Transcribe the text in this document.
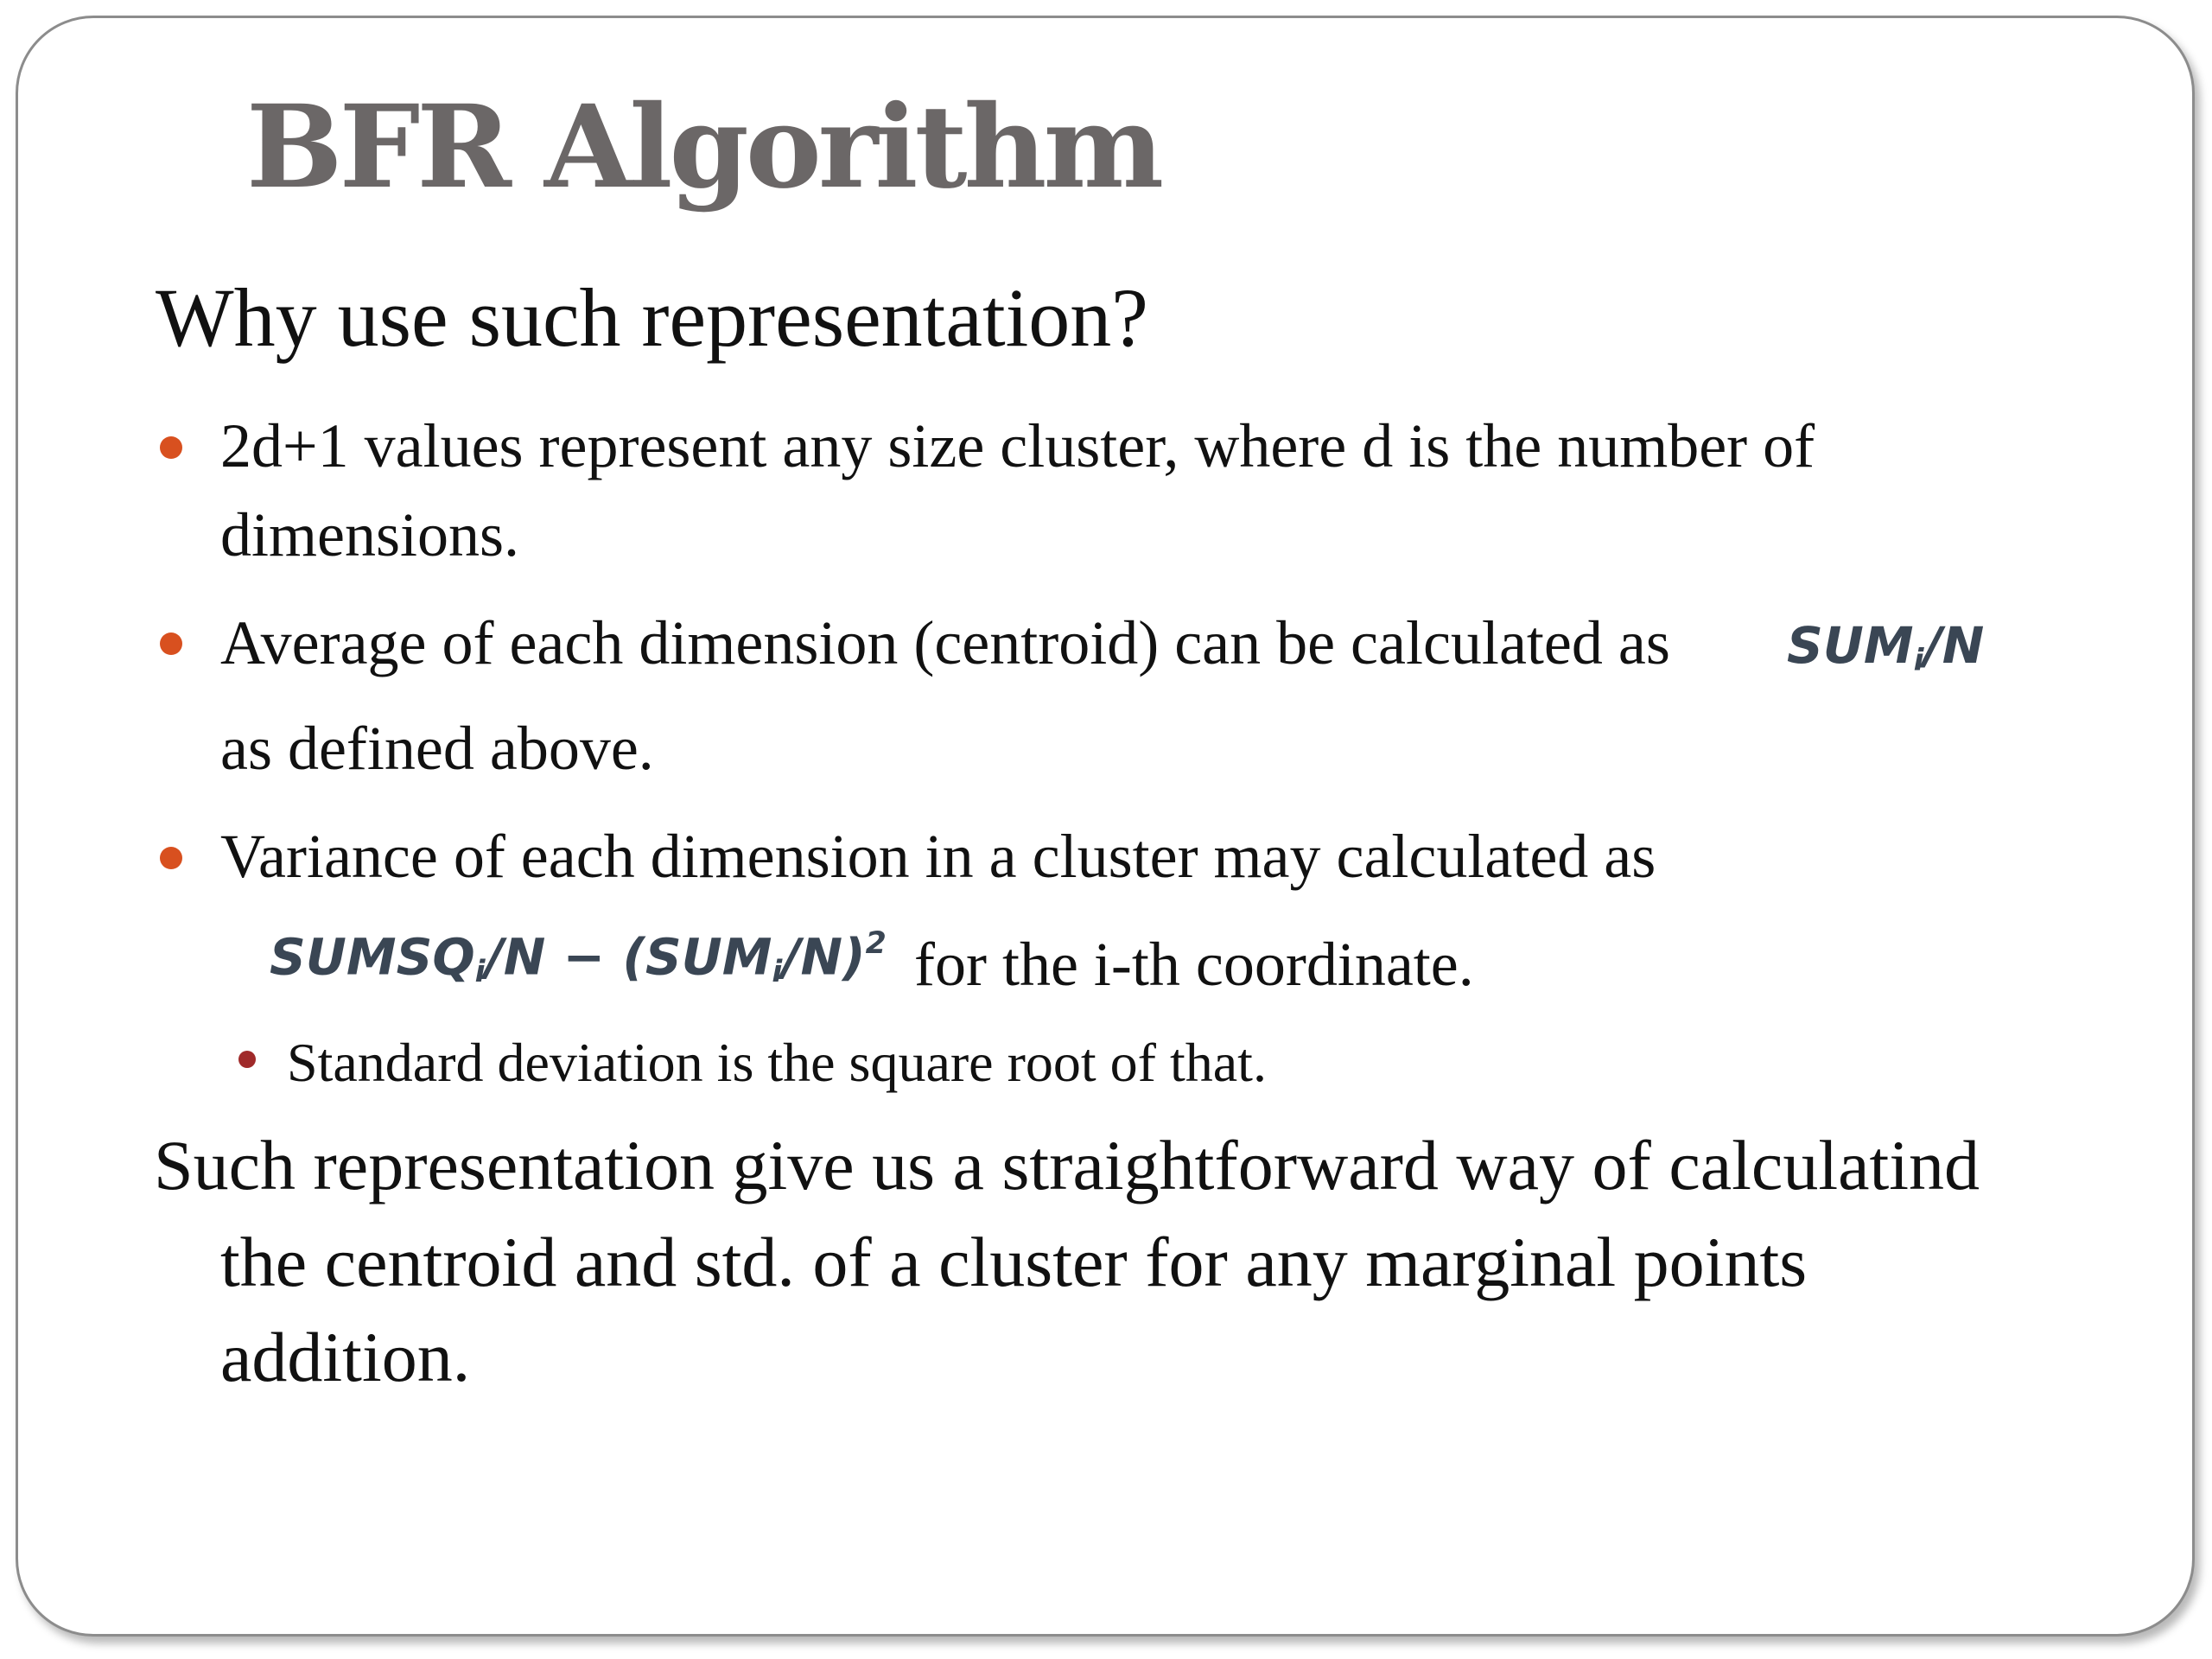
BFR Algorithm
Why use such representation?
2d+1 values represent any size cluster, where d is the number of
dimensions.
Average of each dimension (centroid) can be calculated as $SUM_i/N$
as defined above.
Variance of each dimension in a cluster may calculated as
$SUMSQ_i/N - (SUM_i/N)^2$ for the i-th coordinate.
Standard deviation is the square root of that.
Such representation give us a straightforward way of calculatind
the centroid and std. of a cluster for any marginal points
addition.
